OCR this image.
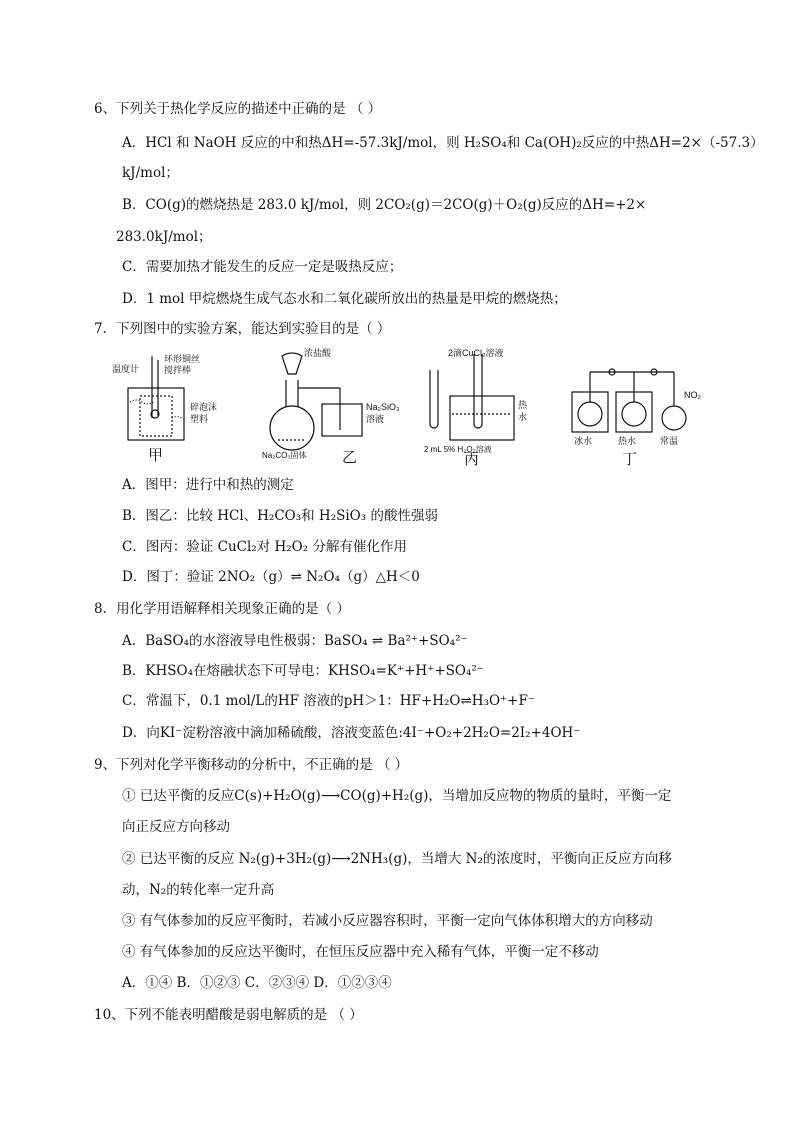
6、下列关于热化学反应的描述中正确的是 （ ）
A．HCl 和 NaOH 反应的中和热ΔH=-57.3kJ/mol，则 H₂SO₄和 Ca(OH)₂反应的中热ΔH=2×（-57.3）
kJ/mol；
B．CO(g)的燃烧热是 283.0 kJ/mol，则 2CO₂(g)＝2CO(g)＋O₂(g)反应的ΔH=+2×
283.0kJ/mol；
C．需要加热才能发生的反应一定是吸热反应；
D．1 mol 甲烷燃烧生成气态水和二氧化碳所放出的热量是甲烷的燃烧热；
7．下列图中的实验方案，能达到实验目的是（ ）
温度计
环形铜丝
搅拌棒
碎泡沫
塑料
甲
浓盐酸
Na₂SiO₃
溶液
Na₂CO₃固体 乙
2滴CuCl₂溶液
热
水
2 mL 5% H₂O₂溶液
丙
NO₂
冰水	热水	常温
丁
A．图甲：进行中和热的测定
B．图乙：比较 HCl、H₂CO₃和 H₂SiO₃ 的酸性强弱
C．图丙：验证 CuCl₂对 H₂O₂ 分解有催化作用
D．图丁：验证 2NO₂（g）⇌ N₂O₄（g）△H＜0
8．用化学用语解释相关现象正确的是（ ）
A．BaSO₄的水溶液导电性极弱：BaSO₄ ⇌ Ba²⁺+SO₄²⁻
B．KHSO₄在熔融状态下可导电：KHSO₄=K⁺+H⁺+SO₄²⁻
C．常温下，0.1 mol/L的HF 溶液的pH＞1：HF+H₂O⇌H₃O⁺+F⁻
D．向KI⁻淀粉溶液中滴加稀硫酸，溶液变蓝色:4I⁻+O₂+2H₂O=2I₂+4OH⁻
9、下列对化学平衡移动的分析中，不正确的是 （ ）
① 已达平衡的反应C(s)+H₂O(g)⟶CO(g)+H₂(g)，当增加反应物的物质的量时，平衡一定
向正反应方向移动
② 已达平衡的反应 N₂(g)+3H₂(g)⟶2NH₃(g)，当增大 N₂的浓度时，平衡向正反应方向移
动，N₂的转化率一定升高
③ 有气体参加的反应平衡时，若减小反应器容积时，平衡一定向气体体积增大的方向移动
④ 有气体参加的反应达平衡时，在恒压反应器中充入稀有气体，平衡一定不移动
A．①④ B．①②③ C．②③④ D．①②③④
10、下列不能表明醋酸是弱电解质的是 （ ）
